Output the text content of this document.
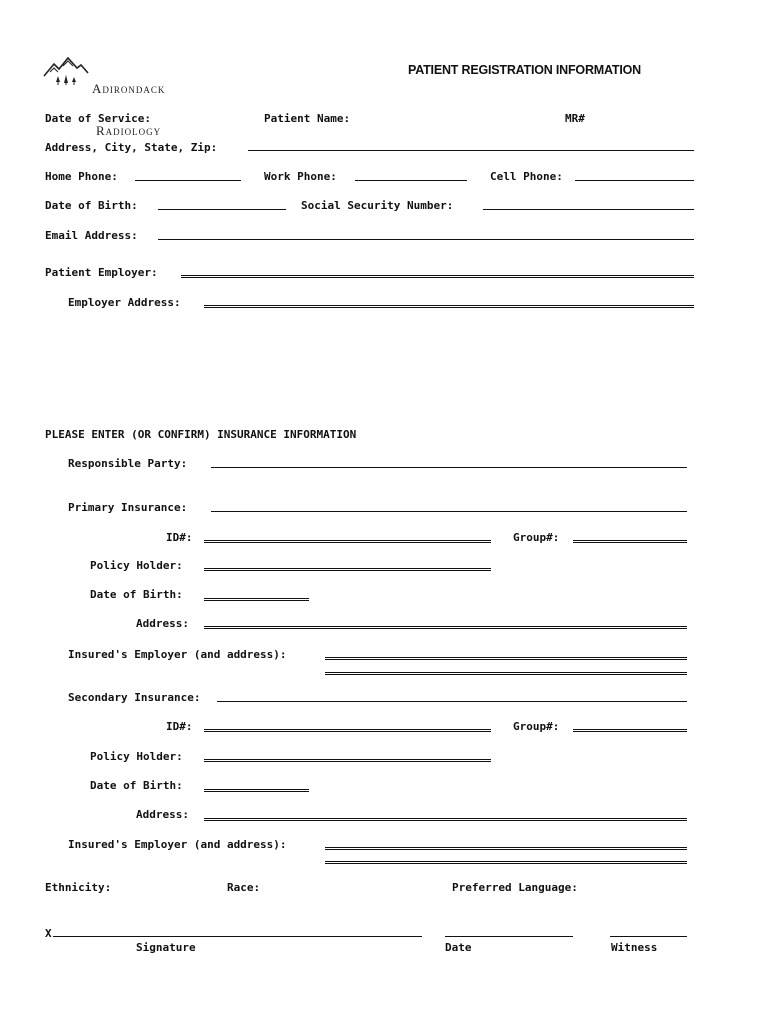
Adirondack

Radiology

PATIENT REGISTRATION INFORMATION
Date of Service:	Patient Name:	MR#
Address, City, State, Zip:
Home Phone:	Work Phone:	Cell Phone:
Date of Birth:	Social Security Number:
Email Address:
Patient Employer:
Employer Address:
PLEASE ENTER (OR CONFIRM) INSURANCE INFORMATION
Responsible Party:
Primary Insurance:
ID#:	Group#:
Policy Holder:
Date of Birth:
Address:
Insured's Employer (and address):
Secondary Insurance:
ID#:	Group#:
Policy Holder:
Date of Birth:
Address:
Insured's Employer (and address):
Ethnicity:	Race:	Preferred Language:
X
Signature	Date	Witness
